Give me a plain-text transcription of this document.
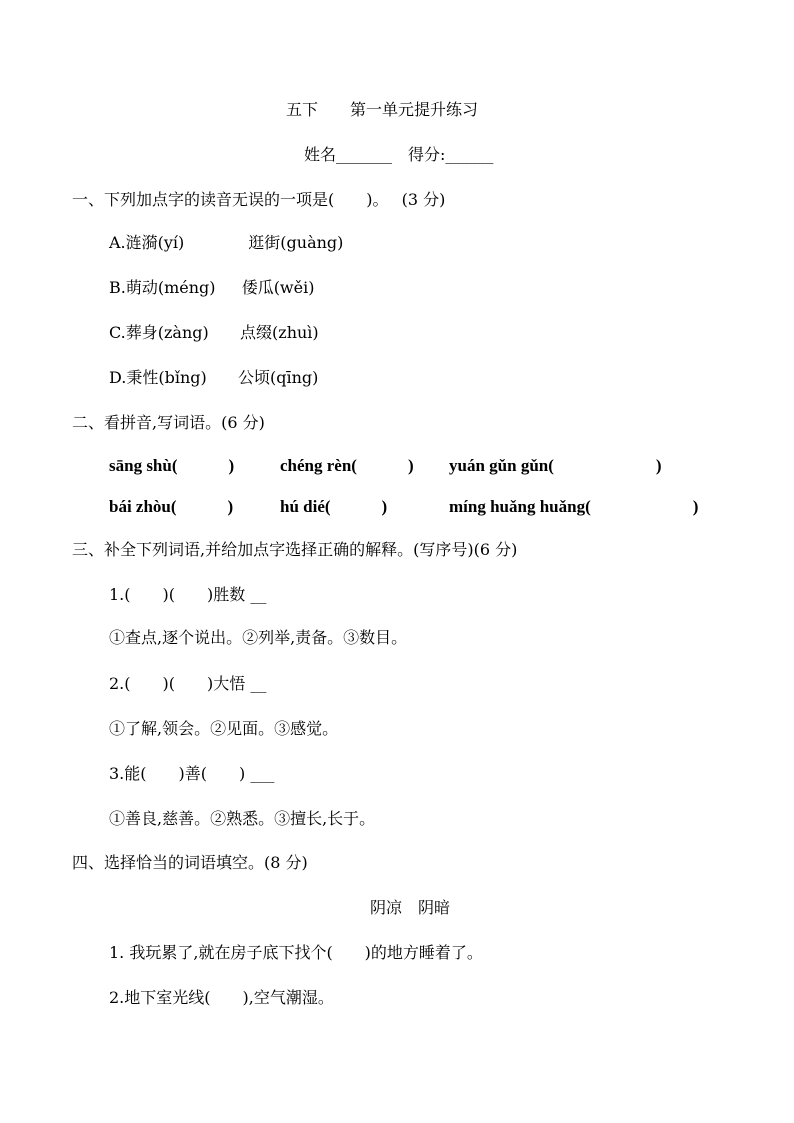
五下　　第一单元提升练习
姓名_______　得分:______
一、下列加点字的读音无误的一项是(　　)。　 (3 分)
A.涟漪(yí)　　　　逛街(guàng)
B.萌动(méng)　  倭瓜(wěi)
C.葬身(zàng)　   点缀(zhuì)
D.秉性(bǐng)　   公顷(qīng)
二、看拼音,写词语。(6 分)
sāng shù(　　　)	chéng rèn(　　　) yuán gǔn gǔn(　　　　　　)
bái zhòu(　　　)	hú dié(　　　)	míng huǎng huǎng(　　　　　　)
三、补全下列词语,并给加点字选择正确的解释。(写序号)(6 分)
1.(　　)(　　)胜数 __
①查点,逐个说出。②列举,责备。③数目。
2.(　　)(　　)大悟 __
①了解,领会。②见面。③感觉。
3.能(　　)善(　　) ___
①善良,慈善。②熟悉。③擅长,长于。
四、选择恰当的词语填空。(8 分)
阴凉　阴暗
1. 我玩累了,就在房子底下找个(　　)的地方睡着了。
2.地下室光线(　　),空气潮湿。
